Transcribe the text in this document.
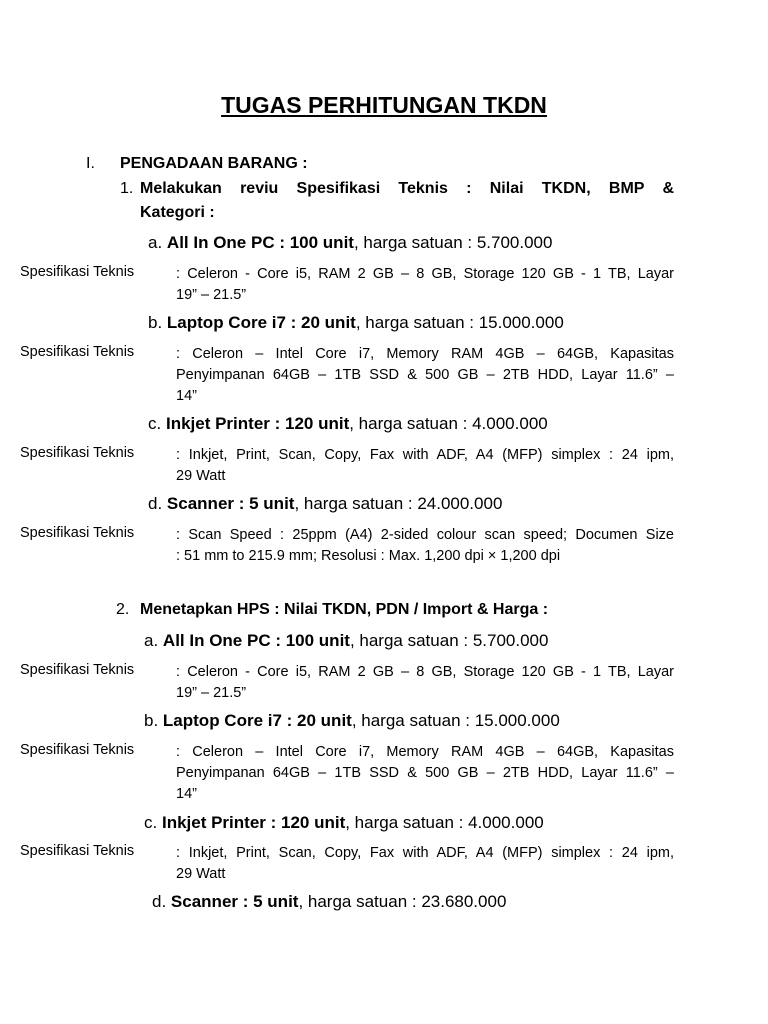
TUGAS PERHITUNGAN TKDN
I. PENGADAAN BARANG :
1. Melakukan reviu Spesifikasi Teknis : Nilai TKDN, BMP &
Kategori :
a. All In One PC : 100 unit, harga satuan : 5.700.000
Spesifikasi Teknis	: Celeron - Core i5, RAM 2 GB – 8 GB, Storage 120 GB - 1 TB, Layar
19” – 21.5”
b. Laptop Core i7 : 20 unit, harga satuan : 15.000.000
Spesifikasi Teknis	: Celeron – Intel Core i7, Memory RAM 4GB – 64GB, Kapasitas
Penyimpanan 64GB – 1TB SSD & 500 GB – 2TB HDD, Layar 11.6” –
14”
c. Inkjet Printer : 120 unit, harga satuan : 4.000.000
Spesifikasi Teknis	: Inkjet, Print, Scan, Copy, Fax with ADF, A4 (MFP) simplex : 24 ipm,
29 Watt
d. Scanner : 5 unit, harga satuan : 24.000.000
Spesifikasi Teknis	: Scan Speed : 25ppm (A4) 2-sided colour scan speed; Documen Size
: 51 mm to 215.9 mm; Resolusi : Max. 1,200 dpi × 1,200 dpi
2. Menetapkan HPS : Nilai TKDN, PDN / Import & Harga :
a. All In One PC : 100 unit, harga satuan : 5.700.000
Spesifikasi Teknis	: Celeron - Core i5, RAM 2 GB – 8 GB, Storage 120 GB - 1 TB, Layar
19” – 21.5”
b. Laptop Core i7 : 20 unit, harga satuan : 15.000.000
Spesifikasi Teknis	: Celeron – Intel Core i7, Memory RAM 4GB – 64GB, Kapasitas
Penyimpanan 64GB – 1TB SSD & 500 GB – 2TB HDD, Layar 11.6” –
14”
c. Inkjet Printer : 120 unit, harga satuan : 4.000.000
Spesifikasi Teknis	: Inkjet, Print, Scan, Copy, Fax with ADF, A4 (MFP) simplex : 24 ipm,
29 Watt
d. Scanner : 5 unit, harga satuan : 23.680.000
